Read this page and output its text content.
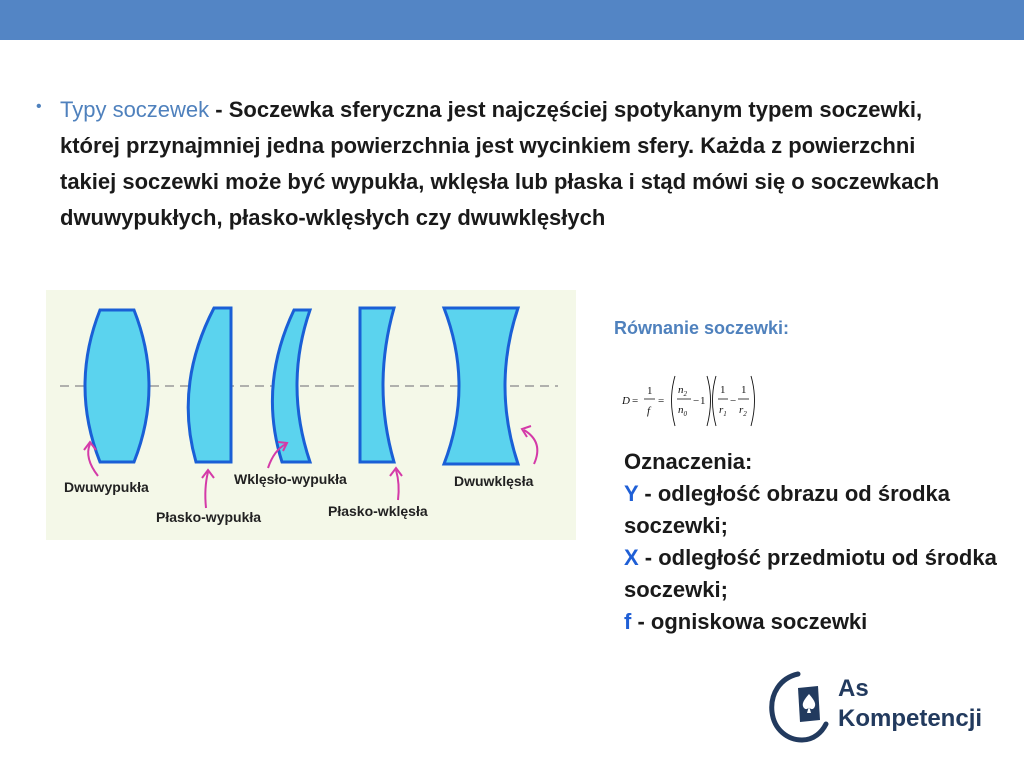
• Typy soczewek - Soczewka sferyczna jest najczęściej spotykanym typem soczewki, której przynajmniej jedna powierzchnia jest wycinkiem sfery. Każda z powierzchni takiej soczewki może być wypukła, wklęsła lub płaska i stąd mówi się o soczewkach dwuwypukłych, płasko-wklęsłych czy dwuwklęsłych
Dwuwypukła
Płasko-wypukła
Wklęsło-wypukła
Płasko-wklęsła
Dwuwklęsła
Równanie soczewki:
D =
1
f
=
$n_2$
$n_0$
− 1
1
$r_1$
−
1
$r_2$
Oznaczenia:
Y - odległość obrazu od środka soczewki;
X - odległość przedmiotu od środka soczewki;
f - ogniskowa soczewki
As
Kompetencji
